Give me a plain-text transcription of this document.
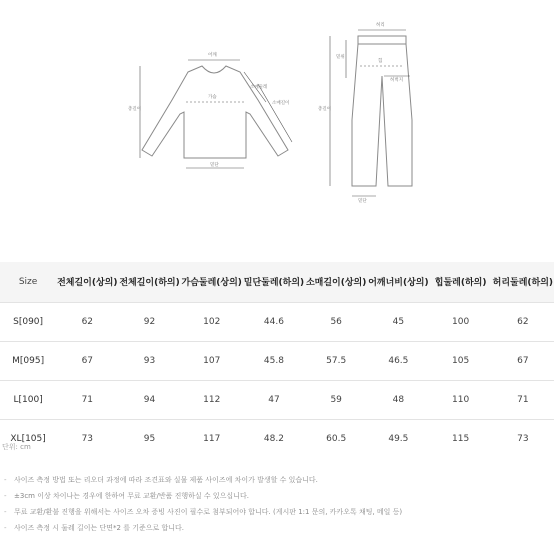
어깨
가슴
소매둘레
소매길이
총길이
밑단
허리
밑위
힙
허벅지
총길이
밑단
Size	전체길이(상의)	전체길이(하의)	가슴둘레(상의)	밑단둘레(하의)	소매길이(상의)	어깨너비(상의)	힙둘레(하의)	허리둘레(하의)
S[090]	62	92	102	44.6	56	45	100	62
M[095]	67	93	107	45.8	57.5	46.5	105	67
L[100]	71	94	112	47	59	48	110	71
XL[105]	73	95	117	48.2	60.5	49.5	115	73
단위: cm
-	사이즈 측정 방법 또는 리오더 과정에 따라 조견표와 실물 제품 사이즈에 차이가 발생할 수 있습니다.
-	±3cm 이상 차이나는 경우에 한하여 무료 교환/반품 진행하실 수 있으십니다.
-	무료 교환/환불 진행을 위해서는 사이즈 오차 증빙 사진이 필수로 첨부되어야 합니다. (게시판 1:1 문의, 카카오톡 채팅, 메일 등)
-	사이즈 측정 시 둘레 길이는 단면*2 를 기준으로 합니다.
